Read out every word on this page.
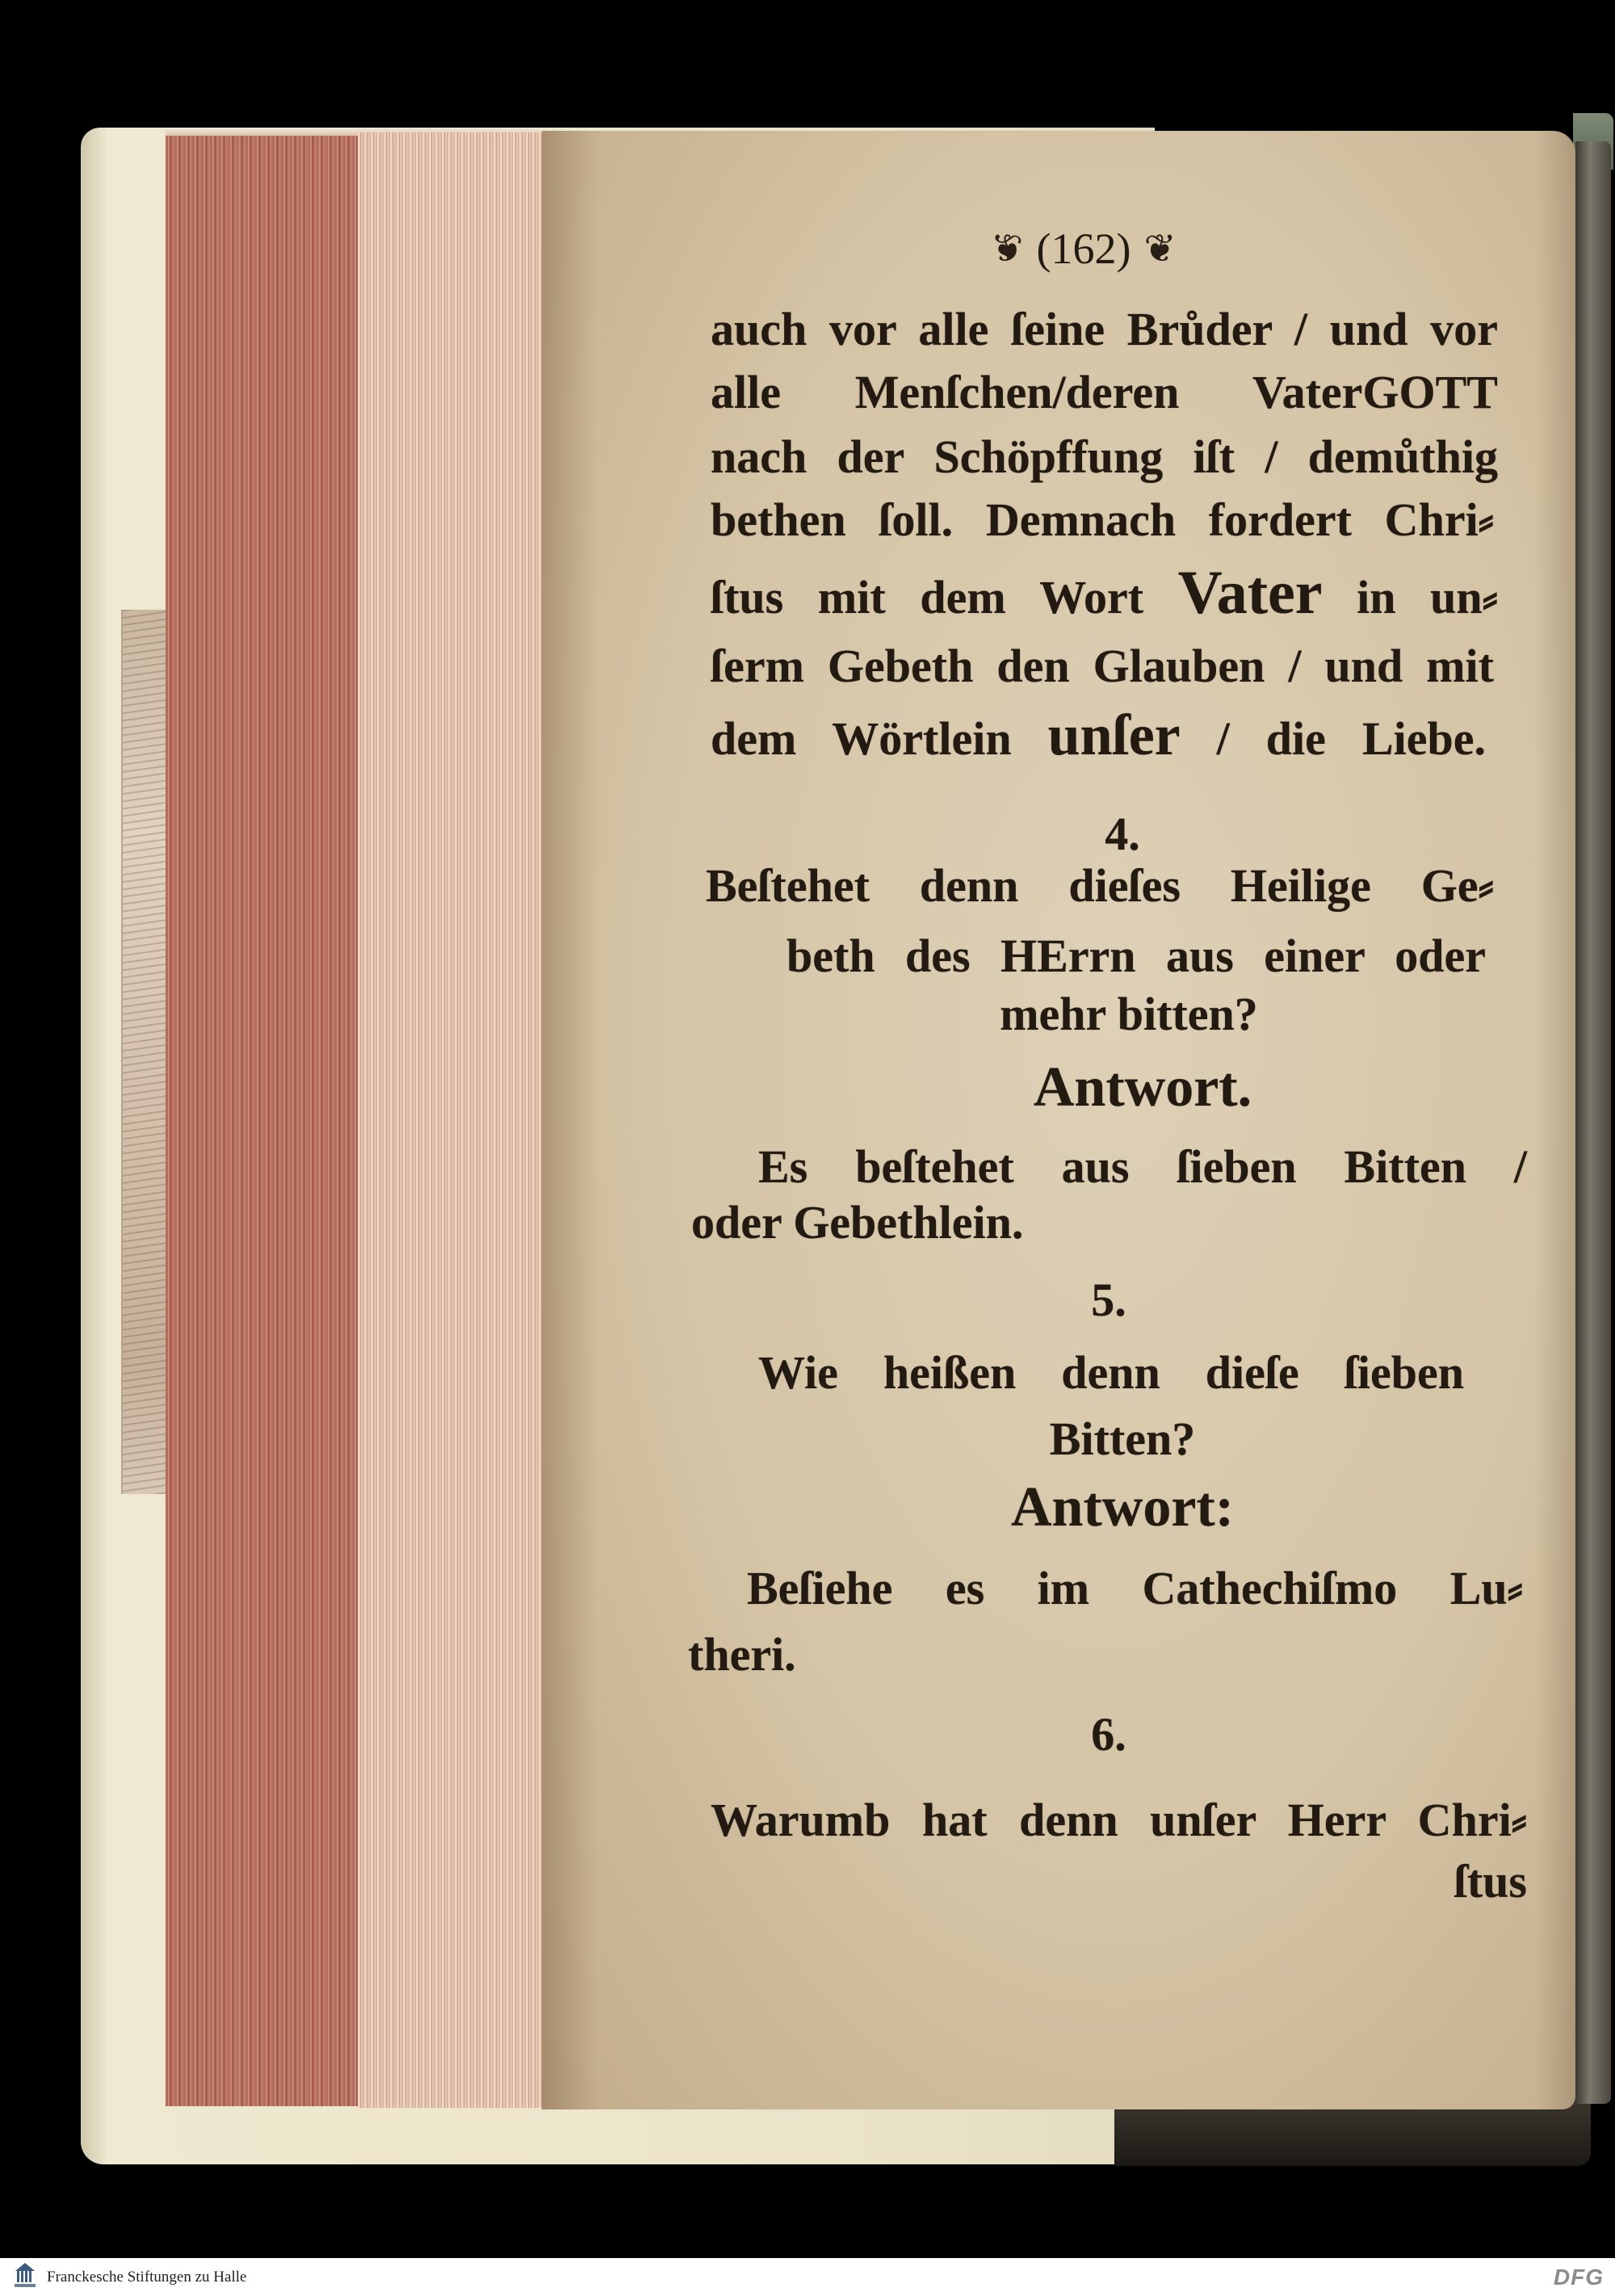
❦
(162)
❦
auch vor alle ſeine Brůder / und vor
alle Menſchen/deren VaterGOTT
nach der Schöpffung iſt / demůthig
bethen ſoll. Demnach fordert Chri⸗
ſtus mit dem Wort Vater in un⸗
ſerm Gebeth den Glauben / und mit
dem Wörtlein unſer / die Liebe.
4.
Beſtehet denn dieſes Heilige Ge⸗
beth des HErrn aus einer oder
mehr bitten?
Antwort.
Es beſtehet aus ſieben Bitten /
oder Gebethlein.
5.
Wie heißen denn dieſe ſieben
Bitten?
Antwort:
Beſiehe es im Cathechiſmo Lu⸗
theri.
6.
Warumb hat denn unſer Herr Chri⸗
ſtus
Franckesche Stiftungen zu Halle	DFG
